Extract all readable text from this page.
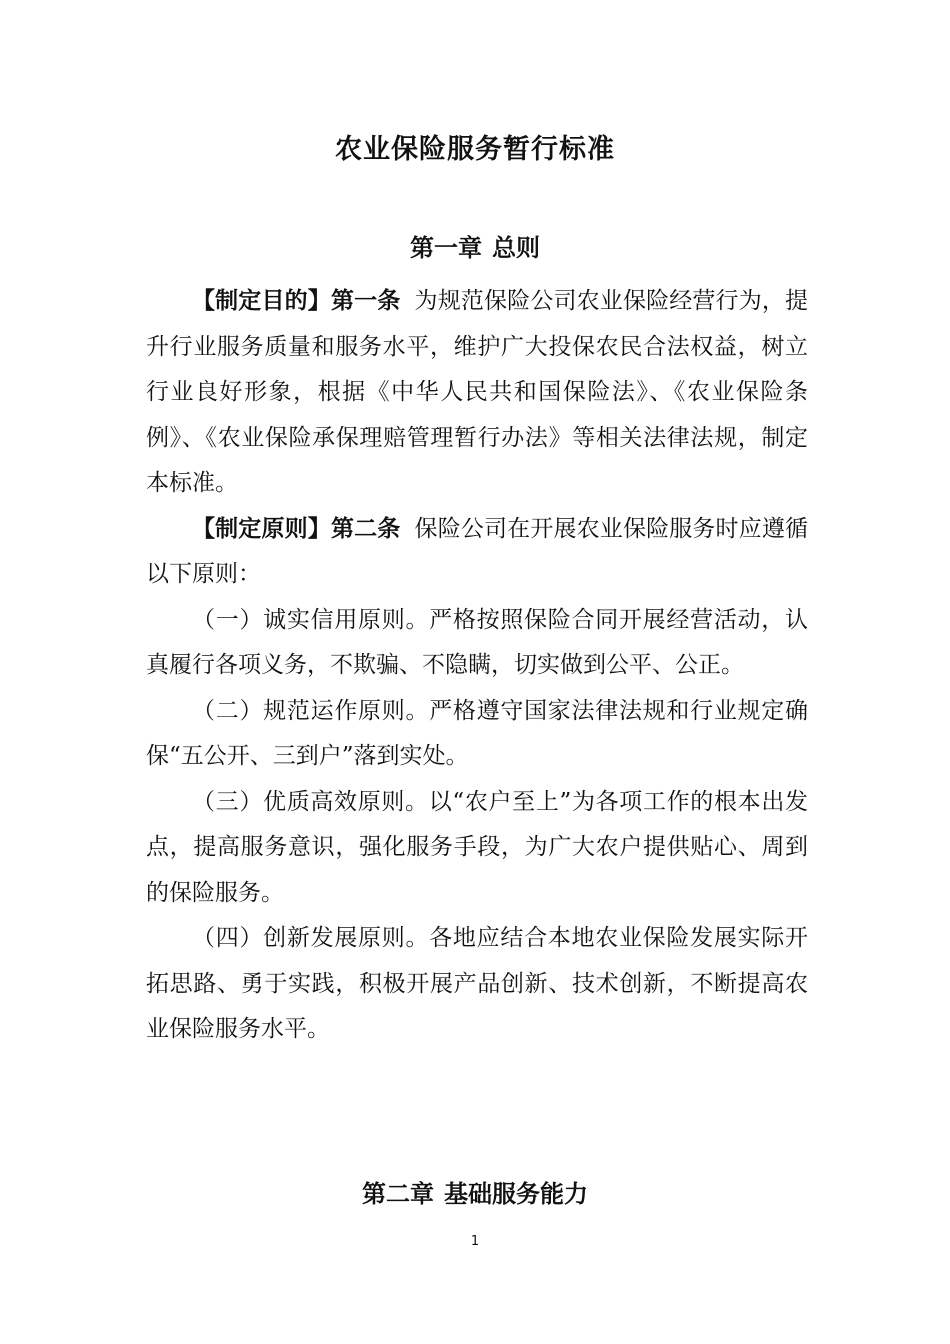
农业保险服务暂行标准
第一章 总则

【制定目的】第一条 为规范保险公司农业保险经营行为，提升行业服务质量和服务水平，维护广大投保农民合法权益，树立行业良好形象，根据《中华人民共和国保险法》、《农业保险条例》、《农业保险承保理赔管理暂行办法》等相关法律法规，制定本标准。

【制定原则】第二条 保险公司在开展农业保险服务时应遵循以下原则：

（一）诚实信用原则。严格按照保险合同开展经营活动，认真履行各项义务，不欺骗、不隐瞒，切实做到公平、公正。

（二）规范运作原则。严格遵守国家法律法规和行业规定确保“五公开、三到户”落到实处。

（三）优质高效原则。以“农户至上”为各项工作的根本出发点，提高服务意识，强化服务手段，为广大农户提供贴心、周到的保险服务。

（四）创新发展原则。各地应结合本地农业保险发展实际开拓思路、勇于实践，积极开展产品创新、技术创新，不断提高农业保险服务水平。

第二章 基础服务能力
1
